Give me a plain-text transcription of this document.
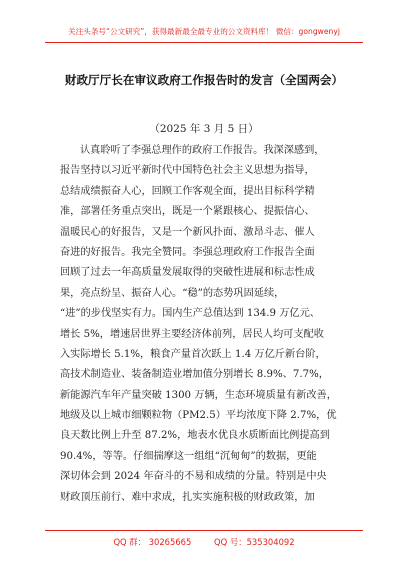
关注头条号“公文研究”，获得最新最全最专业的公文资料库！ 微信：gongwenyj
财政厅厅长在审议政府工作报告时的发言（全国两会）
（2025 年 3 月 5 日）
认真聆听了李强总理作的政府工作报告。我深深感到，
报告坚持以习近平新时代中国特色社会主义思想为指导，
总结成绩振奋人心，回顾工作客观全面，提出目标科学精
准，部署任务重点突出，既是一个紧跟核心、提振信心、
温暖民心的好报告，又是一个新风扑面、激昂斗志、催人
奋进的好报告。我完全赞同。李强总理政府工作报告全面
回顾了过去一年高质量发展取得的突破性进展和标志性成
果，亮点纷呈、振奋人心。“稳”的态势巩固延续，
“进”的步伐坚实有力。国内生产总值达到 134.9 万亿元、
增长 5%，增速居世界主要经济体前列，居民人均可支配收
入实际增长 5.1%，粮食产量首次跃上 1.4 万亿斤新台阶，
高技术制造业、装备制造业增加值分别增长 8.9%、7.7%，
新能源汽车年产量突破 1300 万辆，生态环境质量有新改善，
地级及以上城市细颗粒物（PM2.5）平均浓度下降 2.7%，优
良天数比例上升至 87.2%，地表水优良水质断面比例提高到
90.4%，等等。仔细揣摩这一组组“沉甸甸”的数据，更能
深切体会到 2024 年奋斗的不易和成绩的分量。特别是中央
财政顶压前行、难中求成，扎实实施积极的财政政策，加
QQ 群： 30265665	QQ 号：535304092
